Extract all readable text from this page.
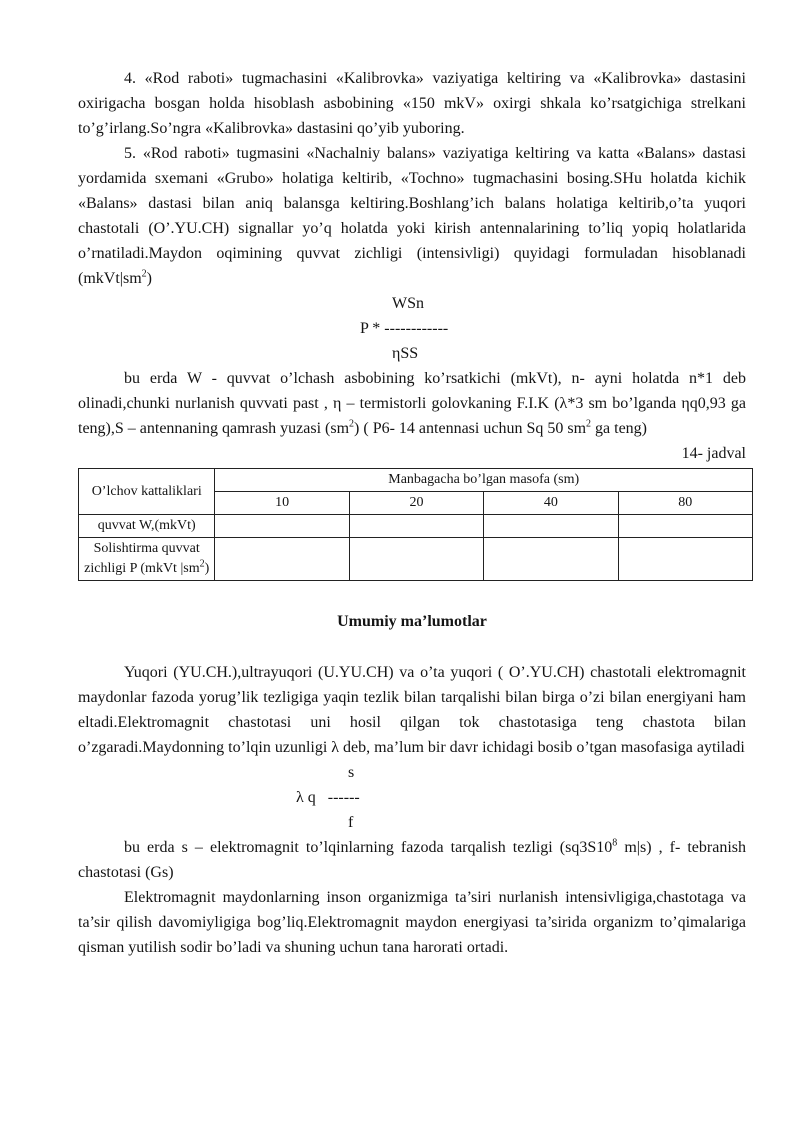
4. «Rod raboti» tugmachasini «Kalibrovka» vaziyatiga keltiring va «Kalibrovka» dastasini oxirigacha bosgan holda hisoblash asbobining «150 mkV» oxirgi shkala ko’rsatgichiga strelkani to’g’irlang.So’ngra «Kalibrovka» dastasini qo’yib yuboring.

5. «Rod raboti» tugmasini «Nachalniy balans» vaziyatiga keltiring va katta «Balans» dastasi yordamida sxemani «Grubo» holatiga keltirib, «Tochno» tugmachasini bosing.SHu holatda kichik «Balans» dastasi bilan aniq balansga keltiring.Boshlang’ich balans holatiga keltirib,o’ta yuqori chastotali (O’.YU.CH) signallar yo’q holatda yoki kirish antennalarining to’liq yopiq holatlarida o’rnatiladi.Maydon oqimining quvvat zichligi (intensivligi) quyidagi formuladan hisoblanadi $(mkVt|sm^2)$

WSn
P * ------------
ηSS

bu erda W - quvvat o’lchash asbobining ko’rsatkichi (mkVt), n- ayni holatda n*1 deb olinadi,chunki nurlanish quvvati past , η – termistorli golovkaning F.I.K (λ*3 sm bo’lganda ηq0,93 ga teng),S – antennaning qamrash yuzasi $(sm^2)$ ( P6- 14 antennasi uchun Sq 50 $sm^2$ ga teng)

14- jadval
O’lchov kattaliklari	Manbagacha bo’lgan masofa (sm)			
	10	20	40	80
quvvat W,(mkVt)				
Solishtirma quvvat zichligi P (mkVt $|sm^2$)				
Umumiy ma’lumotlar

Yuqori (YU.CH.),ultrayuqori (U.YU.CH) va o’ta yuqori ( O’.YU.CH) chastotali elektromagnit maydonlar fazoda yorug’lik tezligiga yaqin tezlik bilan tarqalishi bilan birga o’zi bilan energiyani ham eltadi.Elektromagnit chastotasi uni hosil qilgan tok chastotasiga teng chastota bilan o’zgaradi.Maydonning to’lqin uzunligi λ deb, ma’lum bir davr ichidagi bosib o’tgan masofasiga aytiladi

s
λ q   ------
f

bu erda s – elektromagnit to’lqinlarning fazoda tarqalish tezligi ($sq3S10^8$ m|s) , f- tebranish chastotasi (Gs)

Elektromagnit maydonlarning inson organizmiga ta’siri nurlanish intensivligiga,chastotaga va ta’sir qilish davomiyligiga bog’liq.Elektromagnit maydon energiyasi ta’sirida organizm to’qimalariga qisman yutilish sodir bo’ladi va shuning uchun tana harorati ortadi.
